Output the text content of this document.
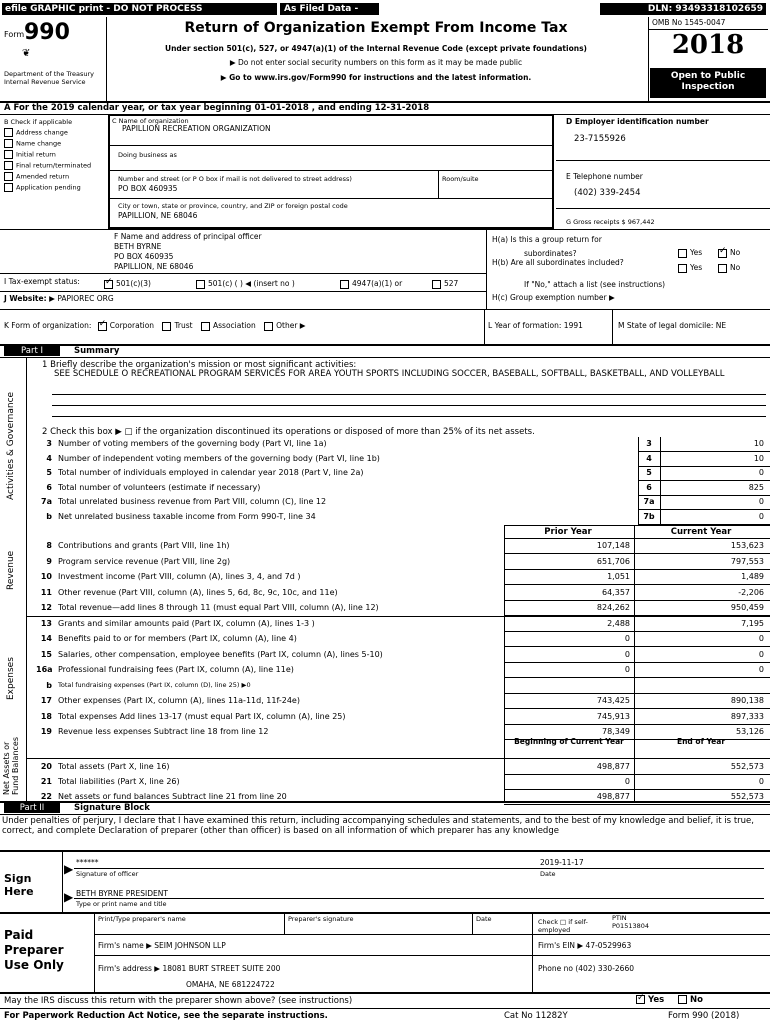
efile GRAPHIC print - DO NOT PROCESS	As Filed Data -	DLN: 93493318102659
Form 990
❦
Department of the Treasury Internal Revenue Service
Return of Organization Exempt From Income Tax
Under section 501(c), 527, or 4947(a)(1) of the Internal Revenue Code (except private foundations)
▶ Do not enter social security numbers on this form as it may be made public
▶ Go to www.irs.gov/Form990 for instructions and the latest information.
OMB No 1545-0047
2018
Open to Public Inspection
A For the 2019 calendar year, or tax year beginning 01-01-2018 , and ending 12-31-2018
B Check if applicable
Address change
Name change
Initial return
Final return/terminated
Amended return
Application pending
C Name of organization
PAPILLION RECREATION ORGANIZATION
Doing business as
Number and street (or P O box if mail is not delivered to street address)	Room/suite
PO BOX 460935
City or town, state or province, country, and ZIP or foreign postal code
PAPILLION, NE 68046
D Employer identification number
23-7155926
E Telephone number
(402) 339-2454
G Gross receipts $ 967,442
F Name and address of principal officer
BETH BYRNE
PO BOX 460935
PAPILLION, NE 68046
H(a) Is this a group return for
subordinates?	Yes ✓	No
H(b) Are all subordinates included?
Yes	No
If "No," attach a list (see instructions)
H(c) Group exemption number ▶
I Tax-exempt status: ✓	501(c)(3)	501(c) ( ) ◀ (insert no )	4947(a)(1) or	527
J Website: ▶ PAPIOREC ORG
K Form of organization: ✓ Corporation	Trust	Association	Other ▶	L Year of formation: 1991	M State of legal domicile: NE
Part I	Summary
Activities & Governance
1 Briefly describe the organization's mission or most significant activities:
SEE SCHEDULE O RECREATIONAL PROGRAM SERVICES FOR AREA YOUTH SPORTS INCLUDING SOCCER, BASEBALL, SOFTBALL, BASKETBALL, AND VOLLEYBALL
2 Check this box ▶ □ if the organization discontinued its operations or disposed of more than 25% of its net assets.
3 Number of voting members of the governing body (Part VI, line 1a)	3	10
4 Number of independent voting members of the governing body (Part VI, line 1b)	4	10
5 Total number of individuals employed in calendar year 2018 (Part V, line 2a)	5	0
6 Total number of volunteers (estimate if necessary)	6	825
7a Total unrelated business revenue from Part VIII, column (C), line 12	7a	0
b Net unrelated business taxable income from Form 990-T, line 34	7b	0
Prior Year	Current Year
Revenue
Expenses
Net Assets or Fund Balances
8 Contributions and grants (Part VIII, line 1h)	107,148	153,623
9 Program service revenue (Part VIII, line 2g)	651,706	797,553
10 Investment income (Part VIII, column (A), lines 3, 4, and 7d )	1,051	1,489
11 Other revenue (Part VIII, column (A), lines 5, 6d, 8c, 9c, 10c, and 11e)	64,357	-2,206
12 Total revenue—add lines 8 through 11 (must equal Part VIII, column (A), line 12)	824,262	950,459
13 Grants and similar amounts paid (Part IX, column (A), lines 1-3 )	2,488	7,195
14 Benefits paid to or for members (Part IX, column (A), line 4)	0	0
15 Salaries, other compensation, employee benefits (Part IX, column (A), lines 5-10)	0	0
16a Professional fundraising fees (Part IX, column (A), line 11e)	0	0
b Total fundraising expenses (Part IX, column (D), line 25) ▶0
17 Other expenses (Part IX, column (A), lines 11a-11d, 11f-24e)	743,425	890,138
18 Total expenses Add lines 13-17 (must equal Part IX, column (A), line 25)	745,913	897,333
19 Revenue less expenses Subtract line 18 from line 12	78,349	53,126
Beginning of Current Year	End of Year
20 Total assets (Part X, line 16)	498,877	552,573
21 Total liabilities (Part X, line 26)	0	0
22 Net assets or fund balances Subtract line 21 from line 20	498,877	552,573
Part II	Signature Block
Under penalties of perjury, I declare that I have examined this return, including accompanying schedules and statements, and to the best of my knowledge and belief, it is true, correct, and complete Declaration of preparer (other than officer) is based on all information of which preparer has any knowledge
Sign Here
▶
▶
******
Signature of officer
2019-11-17
Date
BETH BYRNE PRESIDENT
Type or print name and title
Paid Preparer Use Only
Print/Type preparer's name	Preparer's signature	Date	Check □ if self-employed
PTIN
P01513804
Firm's name ▶ SEIM JOHNSON LLP	Firm's EIN ▶ 47-0529963
Firm's address ▶ 18081 BURT STREET SUITE 200
OMAHA, NE 681224722
Phone no (402) 330-2660
May the IRS discuss this return with the preparer shown above? (see instructions) ✓	Yes	No
For Paperwork Reduction Act Notice, see the separate instructions.	Cat No 11282Y	Form 990 (2018)
